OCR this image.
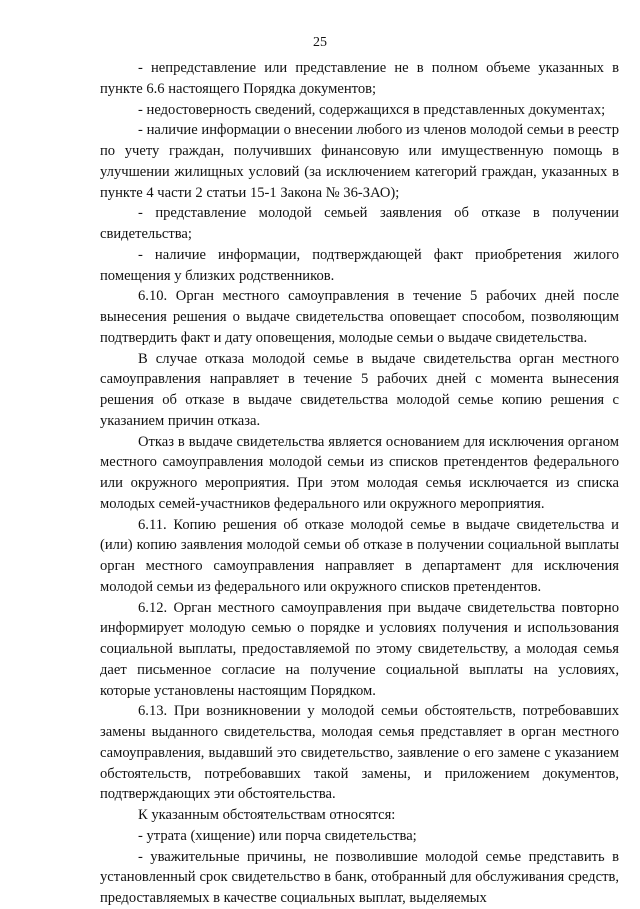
25

- непредставление или представление не в полном объеме указанных в пункте 6.6 настоящего Порядка документов;

- недостоверность сведений, содержащихся в представленных документах;

- наличие информации о внесении любого из членов молодой семьи в реестр по учету граждан, получивших финансовую или имущественную помощь в улучшении жилищных условий (за исключением категорий граждан, указанных в пункте 4 части 2 статьи 15-1 Закона № 36-ЗАО);

- представление молодой семьей заявления об отказе в получении свидетельства;

- наличие информации, подтверждающей факт приобретения жилого помещения у близких родственников.

6.10. Орган местного самоуправления в течение 5 рабочих дней после вынесения решения о выдаче свидетельства оповещает способом, позволяющим подтвердить факт и дату оповещения, молодые семьи о выдаче свидетельства.

В случае отказа молодой семье в выдаче свидетельства орган местного самоуправления направляет в течение 5 рабочих дней с момента вынесения решения об отказе в выдаче свидетельства молодой семье копию решения с указанием причин отказа.

Отказ в выдаче свидетельства является основанием для исключения органом местного самоуправления молодой семьи из списков претендентов федерального или окружного мероприятия. При этом молодая семья исключается из списка молодых семей-участников федерального или окружного мероприятия.

6.11. Копию решения об отказе молодой семье в выдаче свидетельства и (или) копию заявления молодой семьи об отказе в получении социальной выплаты орган местного самоуправления направляет в департамент для исключения молодой семьи из федерального или окружного списков претендентов.

6.12. Орган местного самоуправления при выдаче свидетельства повторно информирует молодую семью о порядке и условиях получения и использования социальной выплаты, предоставляемой по этому свидетельству, а молодая семья дает письменное согласие на получение социальной выплаты на условиях, которые установлены настоящим Порядком.

6.13. При возникновении у молодой семьи обстоятельств, потребовавших замены выданного свидетельства, молодая семья представляет в орган местного самоуправления, выдавший это свидетельство, заявление о его замене с указанием обстоятельств, потребовавших такой замены, и приложением документов, подтверждающих эти обстоятельства.

К указанным обстоятельствам относятся:

- утрата (хищение) или порча свидетельства;

- уважительные причины, не позволившие молодой семье представить в установленный срок свидетельство в банк, отобранный для обслуживания средств, предоставляемых в качестве социальных выплат, выделяемых
